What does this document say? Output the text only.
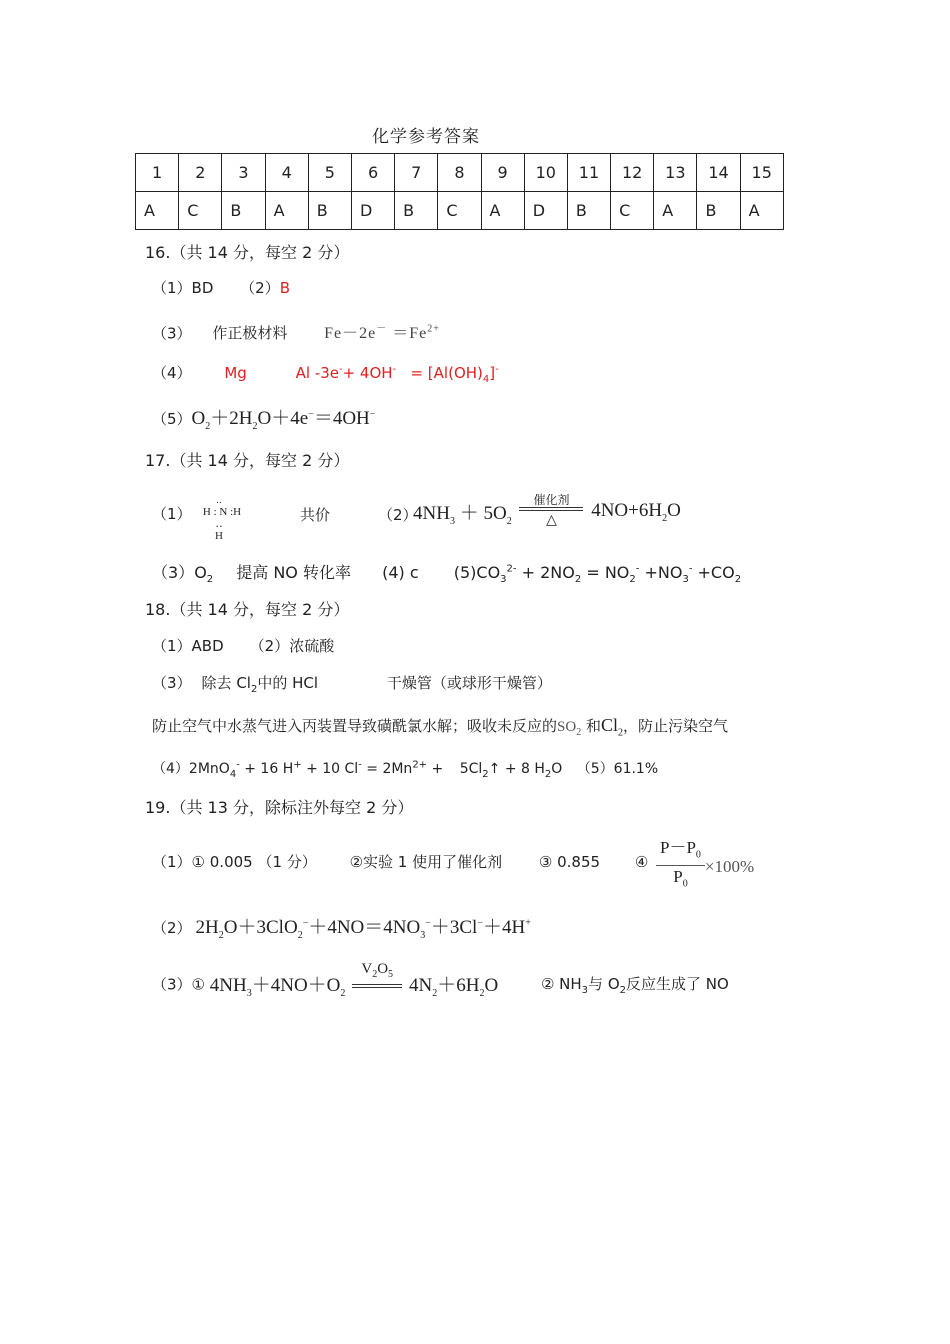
化学参考答案
1	2	3	4	5	6	7	8	9	10	11	12	13	14	15
A	C	B	A	B	D	B	C	A	D	B	C	A	B	A
16.（共 14 分，每空 2 分）
（1）BD （2）B
（3） 作正极材料 $Fe-2e^- =Fe^{2+}$
（4） Mg	Al $-3e^-+ 4OH^- = [Al(OH)_4]^-$
$(5)O_2+2H_2O+4e^-=4OH^-$
17.（共 14 分，每空 2 分）
（1）
‥
H : N :H
‥
H
共价	（2）
$4NH_3 + 5O_2 \frac{\text{催化剂}}{\triangle} 4NO+6H_2O$
$(3)O_2$ 提高 NO 转化率 (4) c $(5)CO_3^{2-} + 2NO_2 = NO_2^- +NO_3^- +CO_2$
18.（共 14 分，每空 2 分）
（1）ABD （2）浓硫酸
（3） 除去 $Cl_2$中的 HCl	干燥管（或球形干燥管）
防止空气中水蒸气进入丙装置导致磺酰氯水解；吸收未反应的$SO_2$ 和$Cl_2$，防止污染空气
（4）2MnO$_4$- + 16 H+ + 10 $Cl^- = 2Mn^{2+}$ + $5Cl_2↑ + 8$ $H_2O$ （5）61.1%
19.（共 13 分，除标注外每空 2 分）
（1）① 0.005 （1 分） ②实验 1 使用了催化剂 ③ 0.855 ④ $\frac{P-P_0}{P_0} \times 100\%$
（2） $2H_2O+3ClO_2^-+4NO=4NO_3^-+3Cl^-+4H^+$
（3）① $4NH_3+4NO+O_2$
$V_2O_5$

$4N_2+6H_2O$	② $NH_3$与 $O_2$反应生成了 NO
